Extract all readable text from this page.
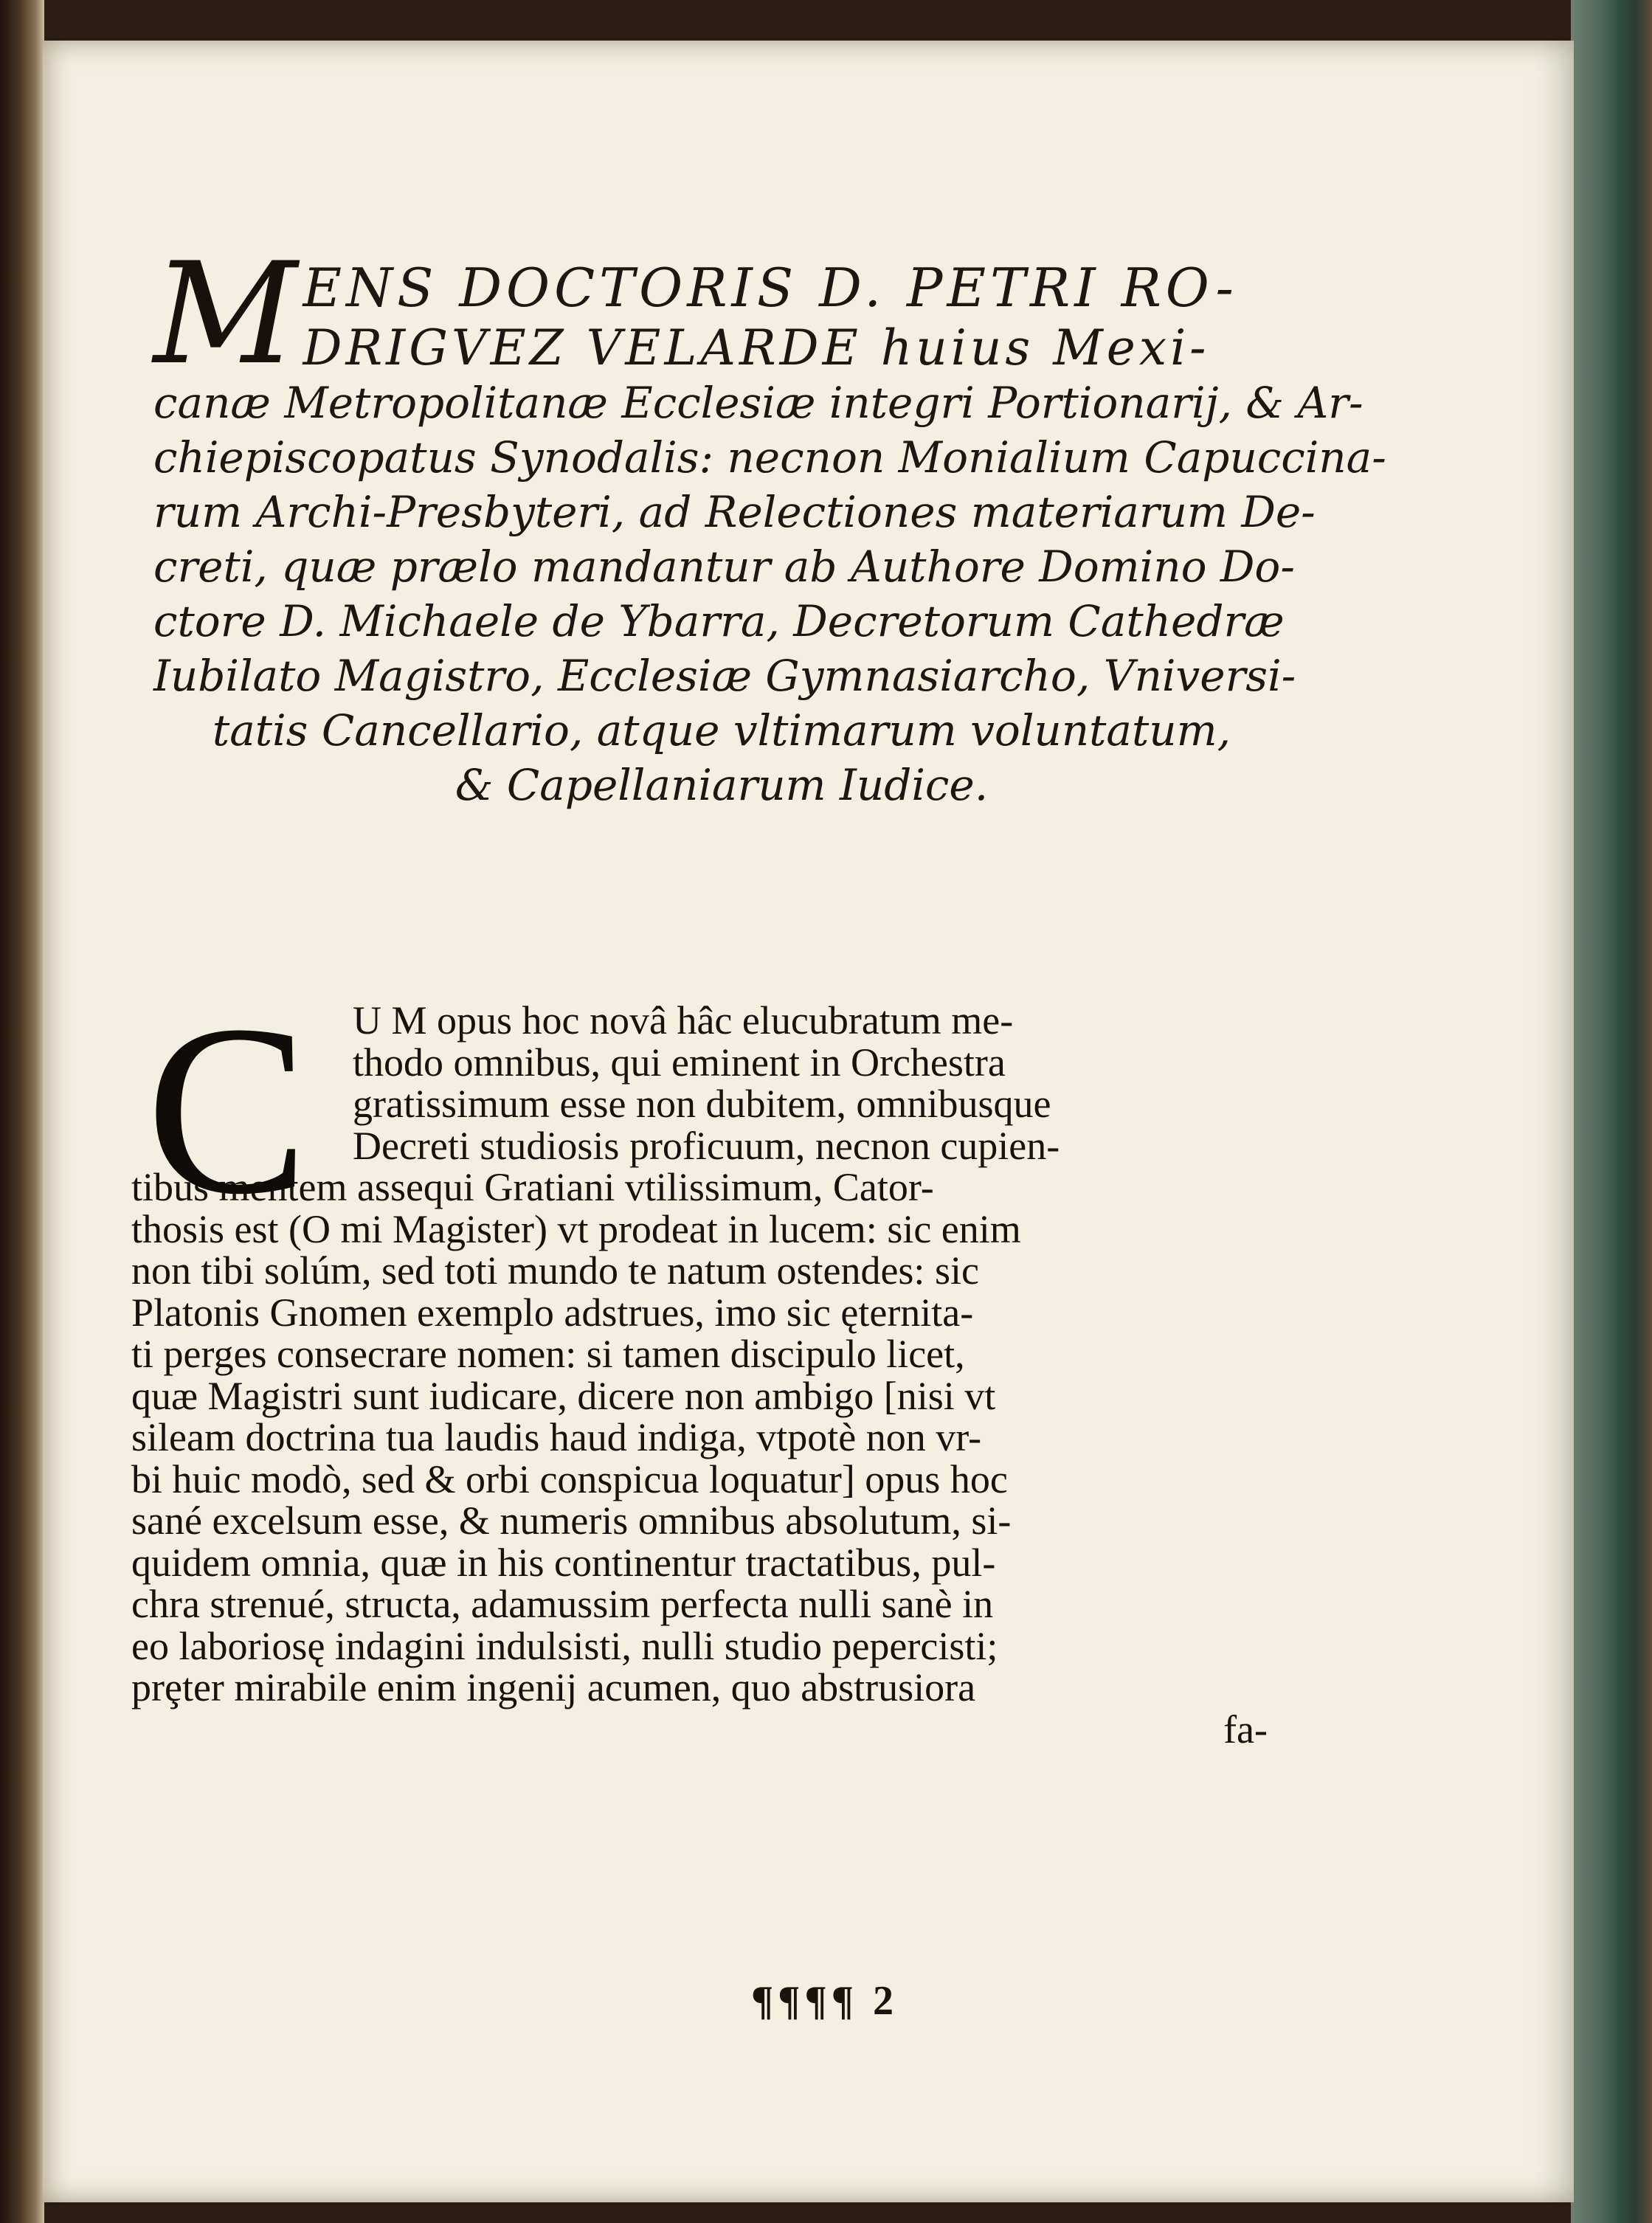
M ENS DOCTORIS D. PETRI RO-
DRIGVEZ VELARDE huius Mexi-
canæ Metropolitanæ Ecclesiæ integri Portionarij, & Ar-
chiepiscopatus Synodalis: necnon Monialium Capuccina-
rum Archi-Presbyteri, ad Relectiones materiarum De-
creti, quæ prælo mandantur ab Authore Domino Do-
ctore D. Michaele de Ybarra, Decretorum Cathedræ
Iubilato Magistro, Ecclesiæ Gymnasiarcho, Vniversi-
tatis Cancellario, atque vltimarum voluntatum,
& Capellaniarum Iudice.
C	U M opus hoc novâ hâc elucubratum me-
thodo omnibus, qui eminent in Orchestra
gratissimum esse non dubitem, omnibusque
Decreti studiosis proficuum, necnon cupien-
tibus mentem assequi Gratiani vtilissimum, Cator-
thosis est (O mi Magister) vt prodeat in lucem: sic enim
non tibi solúm, sed toti mundo te natum ostendes: sic
Platonis Gnomen exemplo adstrues, imo sic ęternita-
ti perges consecrare nomen: si tamen discipulo licet,
quæ Magistri sunt iudicare, dicere non ambigo [nisi vt
sileam doctrina tua laudis haud indiga, vtpotè non vr-
bi huic modò, sed & orbi conspicua loquatur] opus hoc
sané excelsum esse, & numeris omnibus absolutum, si-
quidem omnia, quæ in his continentur tractatibus, pul-
chra strenué, structa, adamussim perfecta nulli sanè in
eo laboriosę indagini indulsisti, nulli studio pepercisti;
prȩter mirabile enim ingenij acumen, quo abstrusiora
fa-
¶¶¶¶ 2
